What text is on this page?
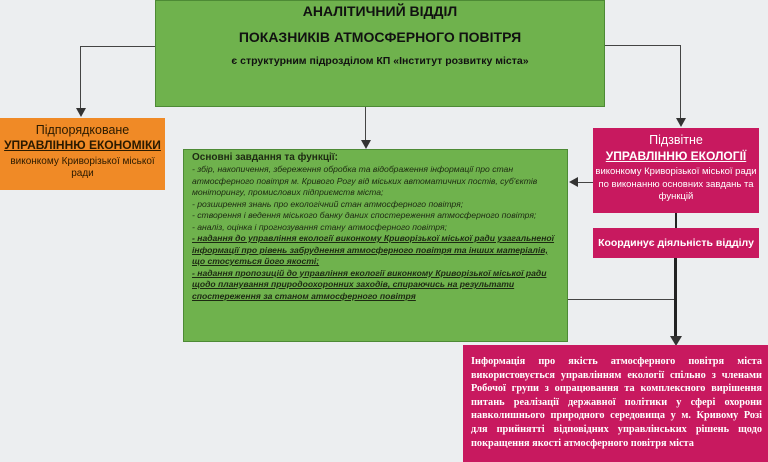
АНАЛІТИЧНИЙ ВІДДІЛ
ПОКАЗНИКІВ АТМОСФЕРНОГО ПОВІТРЯ
є структурним підрозділом КП «Інститут розвитку міста»
Підпорядковане
УПРАВЛІННЮ ЕКОНОМІКИ
виконкому Криворізької міської ради
Основні завдання та функції:
- збір, накопичення, збереження обробка та відображення інформації про стан атмосферного повітря м. Кривого Рогу від міських автоматичних постів, суб'єктів моніторингу, промислових підприємств міста;
- розширення знань про екологічний стан атмосферного повітря;
- створення і ведення міського банку даних спостереження атмосферного повітря;
- аналіз, оцінка і прогнозування стану атмосферного повітря;
- надання до управління екології виконкому Криворізької міської ради узагальненої інформації про рівень забруднення атмосферного повітря та інших матеріалів, що стосується його якості;
- надання пропозицій до управління екології виконкому Криворізької міської ради щодо планування природоохоронних заходів, спираючись на результати спостереження за станом атмосферного повітря
Підзвітне
УПРАВЛІННЮ ЕКОЛОГІЇ
виконкому Криворізької міської ради по виконанню основних завдань та функцій
Координує діяльність відділу
Інформація про якість атмосферного повітря міста використовується управлінням екології спільно з членами Робочої групи з опрацювання та комплексного вирішення питань реалізації державної політики у сфері охорони навколишнього природного середовища у м. Кривому Розі для прийнятті відповідних управлінських рішень щодо покращення якості атмосферного повітря міста
